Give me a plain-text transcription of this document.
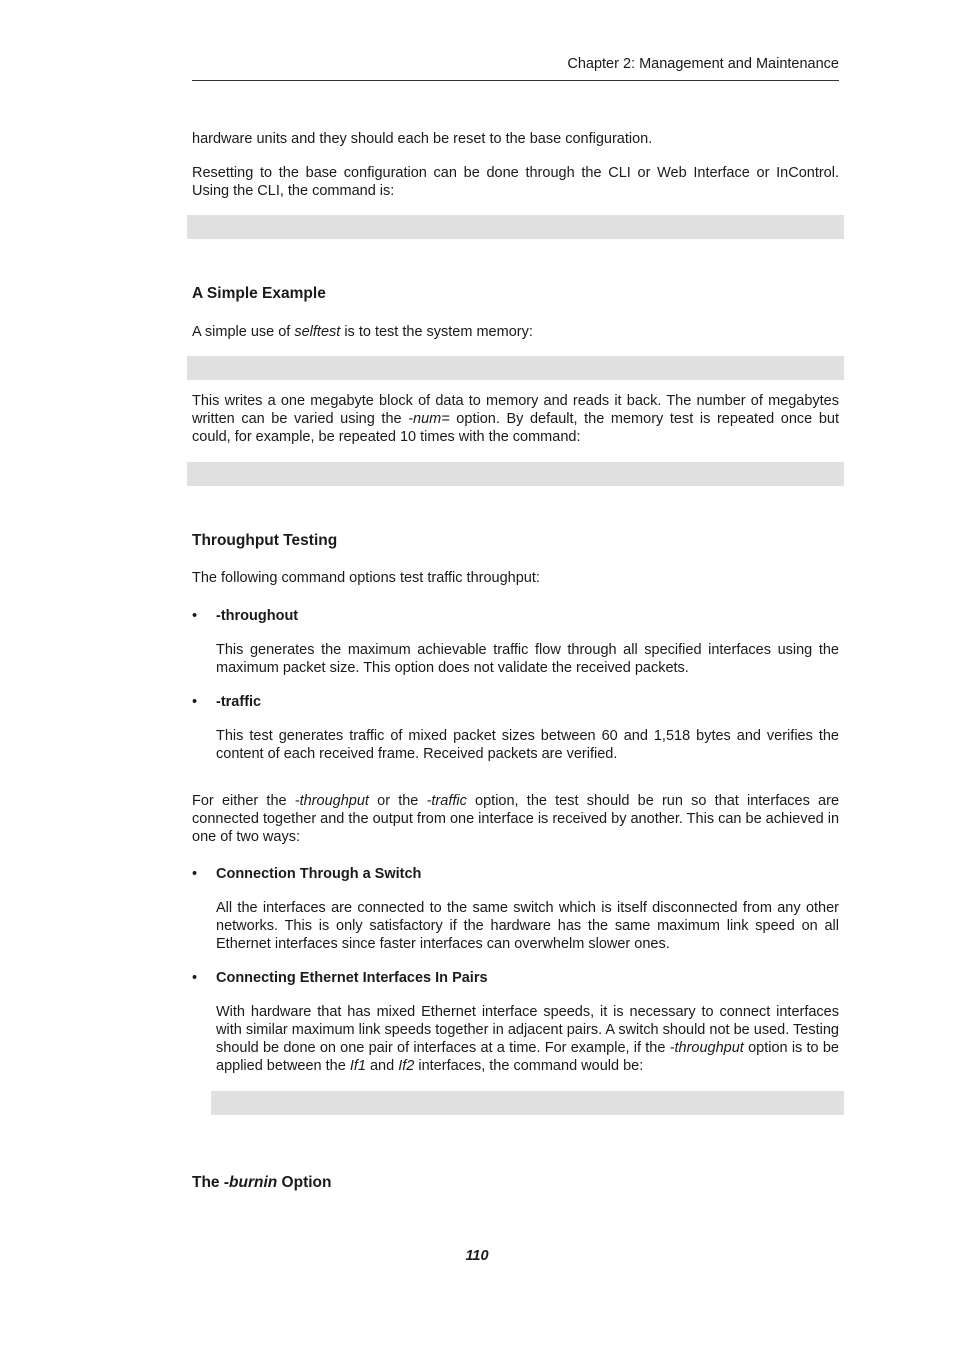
Chapter 2: Management and Maintenance

hardware units and they should each be reset to the base configuration.

Resetting to the base configuration can be done through the CLI or Web Interface or InControl. Using the CLI, the command is:

A Simple Example

A simple use of selftest is to test the system memory:

This writes a one megabyte block of data to memory and reads it back. The number of megabytes written can be varied using the -num= option. By default, the memory test is repeated once but could, for example, be repeated 10 times with the command:

Throughput Testing

The following command options test traffic throughput:

•	-throughout

This generates the maximum achievable traffic flow through all specified interfaces using the maximum packet size. This option does not validate the received packets.

•	-traffic

This test generates traffic of mixed packet sizes between 60 and 1,518 bytes and verifies the content of each received frame. Received packets are verified.

For either the -throughput or the -traffic option, the test should be run so that interfaces are connected together and the output from one interface is received by another. This can be achieved in one of two ways:

•	Connection Through a Switch

All the interfaces are connected to the same switch which is itself disconnected from any other networks. This is only satisfactory if the hardware has the same maximum link speed on all Ethernet interfaces since faster interfaces can overwhelm slower ones.

•	Connecting Ethernet Interfaces In Pairs

With hardware that has mixed Ethernet interface speeds, it is necessary to connect interfaces with similar maximum link speeds together in adjacent pairs. A switch should not be used. Testing should be done on one pair of interfaces at a time. For example, if the -throughput option is to be applied between the If1 and If2 interfaces, the command would be:

The -burnin Option
110
